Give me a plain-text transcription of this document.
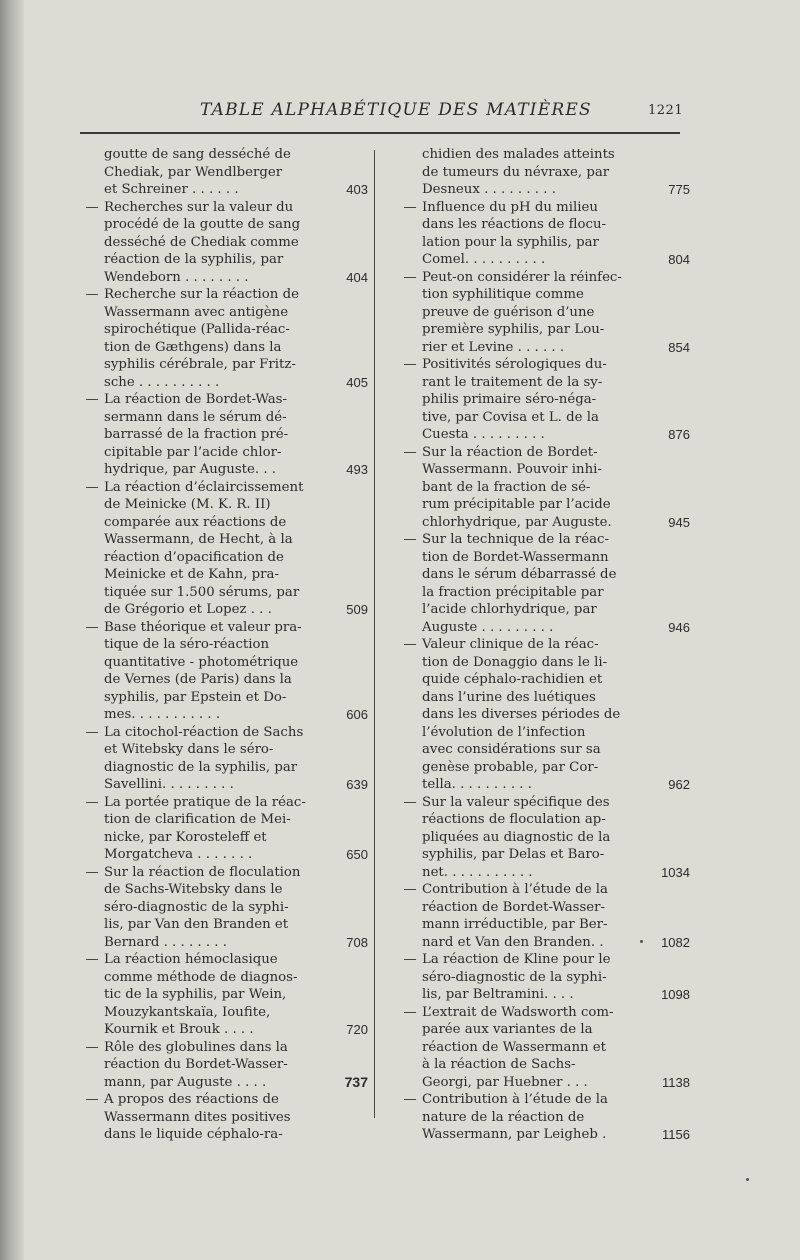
TABLE ALPHABÉTIQUE DES MATIÈRES	1221
goutte de sang desséché de
Chediak, par Wendlberger
et Schreiner . . . . . .	403
— Recherches sur la valeur du
procédé de la goutte de sang
desséché de Chediak comme
réaction de la syphilis, par
Wendeborn . . . . . . . .	404
— Recherche sur la réaction de
Wassermann avec antigène
spirochétique (Pallida-réac-
tion de Gæthgens) dans la
syphilis cérébrale, par Fritz-
sche . . . . . . . . . .	405
— La réaction de Bordet-Was-
sermann dans le sérum dé-
barrassé de la fraction pré-
cipitable par l’acide chlor-
hydrique, par Auguste. . .	493
— La réaction d’éclaircissement
de Meinicke (M. K. R. II)
comparée aux réactions de
Wassermann, de Hecht, à la
réaction d’opacification de
Meinicke et de Kahn, pra-
tiquée sur 1.500 sérums, par
de Grégorio et Lopez . . .	509
— Base théorique et valeur pra-
tique de la séro-réaction
quantitative - photométrique
de Vernes (de Paris) dans la
syphilis, par Epstein et Do-
mes. . . . . . . . . . .	606
— La citochol-réaction de Sachs
et Witebsky dans le séro-
diagnostic de la syphilis, par
Savellini. . . . . . . . .	639
— La portée pratique de la réac-
tion de clarification de Mei-
nicke, par Korosteleff et
Morgatcheva . . . . . . .	650
— Sur la réaction de floculation
de Sachs-Witebsky dans le
séro-diagnostic de la syphi-
lis, par Van den Branden et
Bernard . . . . . . . .	708
— La réaction hémoclasique
comme méthode de diagnos-
tic de la syphilis, par Wein,
Mouzykantskaïa, Ioufite,
Kournik et Brouk . . . .	720
— Rôle des globulines dans la
réaction du Bordet-Wasser-
mann, par Auguste . . . .	737
— A propos des réactions de
Wassermann dites positives
dans le liquide céphalo-ra-
chidien des malades atteints
de tumeurs du névraxe, par
Desneux . . . . . . . . .	775
— Influence du pH du milieu
dans les réactions de flocu-
lation pour la syphilis, par
Comel. . . . . . . . . .	804
— Peut-on considérer la réinfec-
tion syphilitique comme
preuve de guérison d’une
première syphilis, par Lou-
rier et Levine . . . . . .	854
— Positivités sérologiques du-
rant le traitement de la sy-
philis primaire séro-néga-
tive, par Covisa et L. de la
Cuesta . . . . . . . . .	876
— Sur la réaction de Bordet-
Wassermann. Pouvoir inhi-
bant de la fraction de sé-
rum précipitable par l’acide
chlorhydrique, par Auguste.	945
— Sur la technique de la réac-
tion de Bordet-Wassermann
dans le sérum débarrassé de
la fraction précipitable par
l’acide chlorhydrique, par
Auguste . . . . . . . . .	946
— Valeur clinique de la réac-
tion de Donaggio dans le li-
quide céphalo-rachidien et
dans l’urine des luétiques
dans les diverses périodes de
l’évolution de l’infection
avec considérations sur sa
genèse probable, par Cor-
tella. . . . . . . . . .	962
— Sur la valeur spécifique des
réactions de floculation ap-
pliquées au diagnostic de la
syphilis, par Delas et Baro-
net. . . . . . . . . . .	1034
— Contribution à l’étude de la
réaction de Bordet-Wasser-
mann irréductible, par Ber-
nard et Van den Branden. .	1082
— La réaction de Kline pour le
séro-diagnostic de la syphi-
lis, par Beltramini. . . .	1098
— L’extrait de Wadsworth com-
parée aux variantes de la
réaction de Wassermann et
à la réaction de Sachs-
Georgi, par Huebner . . .	1138
— Contribution à l’étude de la
nature de la réaction de
Wassermann, par Leigheb .	1156
